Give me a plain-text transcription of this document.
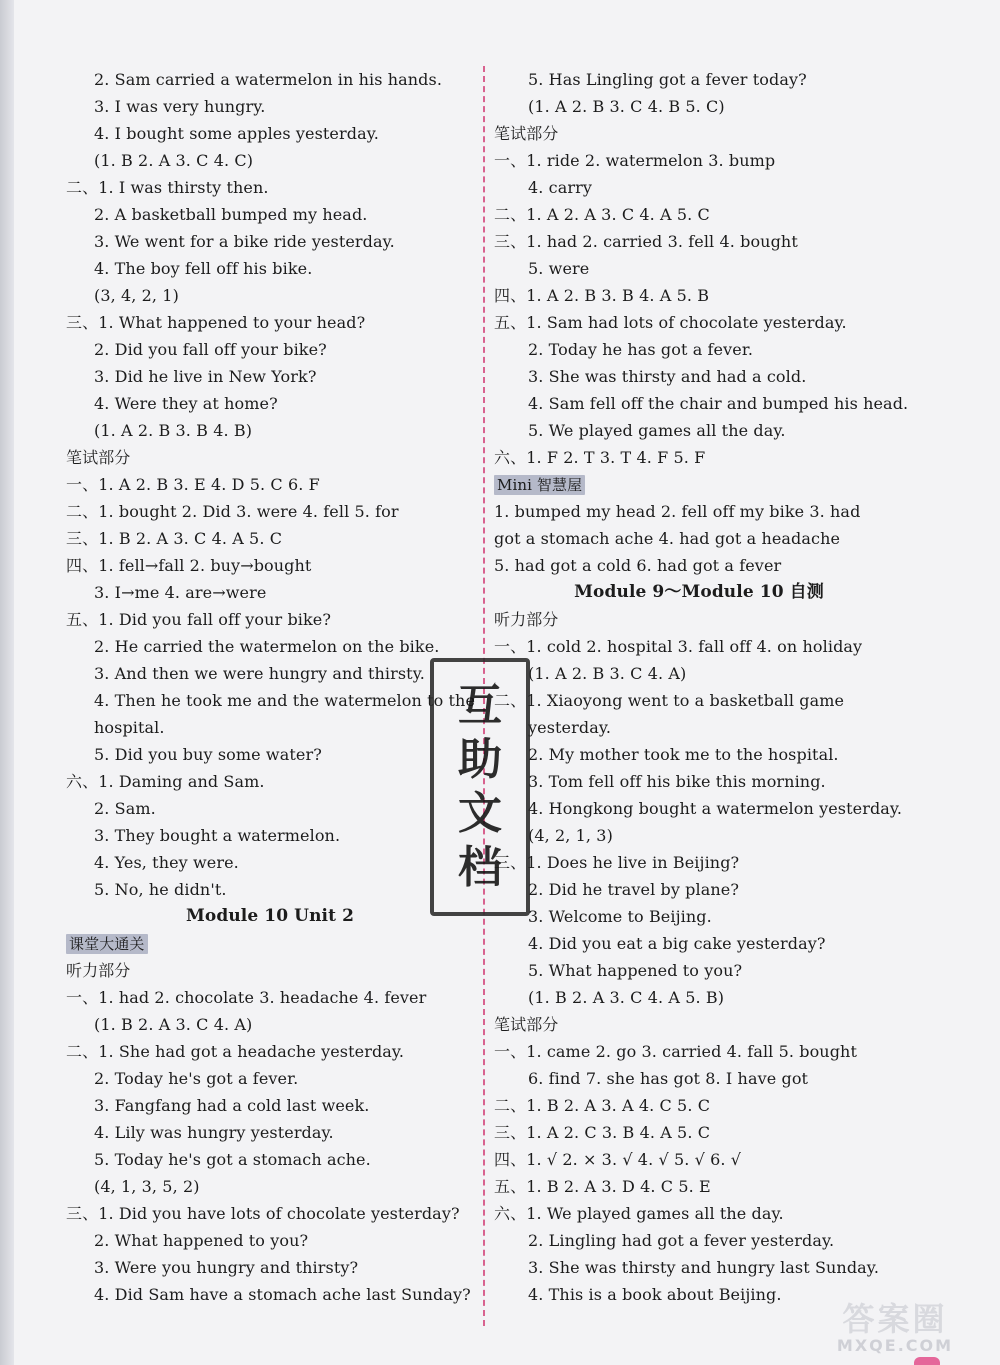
2. Sam carried a watermelon in his hands.
3. I was very hungry.
4. I bought some apples yesterday.
(1. B 2. A 3. C 4. C)
二、1. I was thirsty then.
2. A basketball bumped my head.
3. We went for a bike ride yesterday.
4. The boy fell off his bike.
(3, 4, 2, 1)
三、1. What happened to your head?
2. Did you fall off your bike?
3. Did he live in New York?
4. Were they at home?
(1. A 2. B 3. B 4. B)
笔试部分
一、1. A 2. B 3. E 4. D 5. C 6. F
二、1. bought 2. Did 3. were 4. fell 5. for
三、1. B 2. A 3. C 4. A 5. C
四、1. fell→fall 2. buy→bought
3. I→me 4. are→were
五、1. Did you fall off your bike?
2. He carried the watermelon on the bike.
3. And then we were hungry and thirsty.
4. Then he took me and the watermelon to the
hospital.
5. Did you buy some water?
六、1. Daming and Sam.
2. Sam.
3. They bought a watermelon.
4. Yes, they were.
5. No, he didn't.
Module 10 Unit 2
课堂大通关
听力部分
一、1. had 2. chocolate 3. headache 4. fever
(1. B 2. A 3. C 4. A)
二、1. She had got a headache yesterday.
2. Today he's got a fever.
3. Fangfang had a cold last week.
4. Lily was hungry yesterday.
5. Today he's got a stomach ache.
(4, 1, 3, 5, 2)
三、1. Did you have lots of chocolate yesterday?
2. What happened to you?
3. Were you hungry and thirsty?
4. Did Sam have a stomach ache last Sunday?
5. Has Lingling got a fever today?
(1. A 2. B 3. C 4. B 5. C)
笔试部分
一、1. ride 2. watermelon 3. bump
4. carry
二、1. A 2. A 3. C 4. A 5. C
三、1. had 2. carried 3. fell 4. bought
5. were
四、1. A 2. B 3. B 4. A 5. B
五、1. Sam had lots of chocolate yesterday.
2. Today he has got a fever.
3. She was thirsty and had a cold.
4. Sam fell off the chair and bumped his head.
5. We played games all the day.
六、1. F 2. T 3. T 4. F 5. F
Mini 智慧屋
1. bumped my head 2. fell off my bike 3. had
got a stomach ache 4. had got a headache
5. had got a cold 6. had got a fever
Module 9～Module 10 自测
听力部分
一、1. cold 2. hospital 3. fall off 4. on holiday
(1. A 2. B 3. C 4. A)
二、1. Xiaoyong went to a basketball game
yesterday.
2. My mother took me to the hospital.
3. Tom fell off his bike this morning.
4. Hongkong bought a watermelon yesterday.
(4, 2, 1, 3)
三、1. Does he live in Beijing?
2. Did he travel by plane?
3. Welcome to Beijing.
4. Did you eat a big cake yesterday?
5. What happened to you?
(1. B 2. A 3. C 4. A 5. B)
笔试部分
一、1. came 2. go 3. carried 4. fall 5. bought
6. find 7. she has got 8. I have got
二、1. B 2. A 3. A 4. C 5. C
三、1. A 2. C 3. B 4. A 5. C
四、1. √ 2. × 3. √ 4. √ 5. √ 6. √
五、1. B 2. A 3. D 4. C 5. E
六、1. We played games all the day.
2. Lingling had got a fever yesterday.
3. She was thirsty and hungry last Sunday.
4. This is a book about Beijing.
互
助
文
档
答案圈
MXQE.COM
